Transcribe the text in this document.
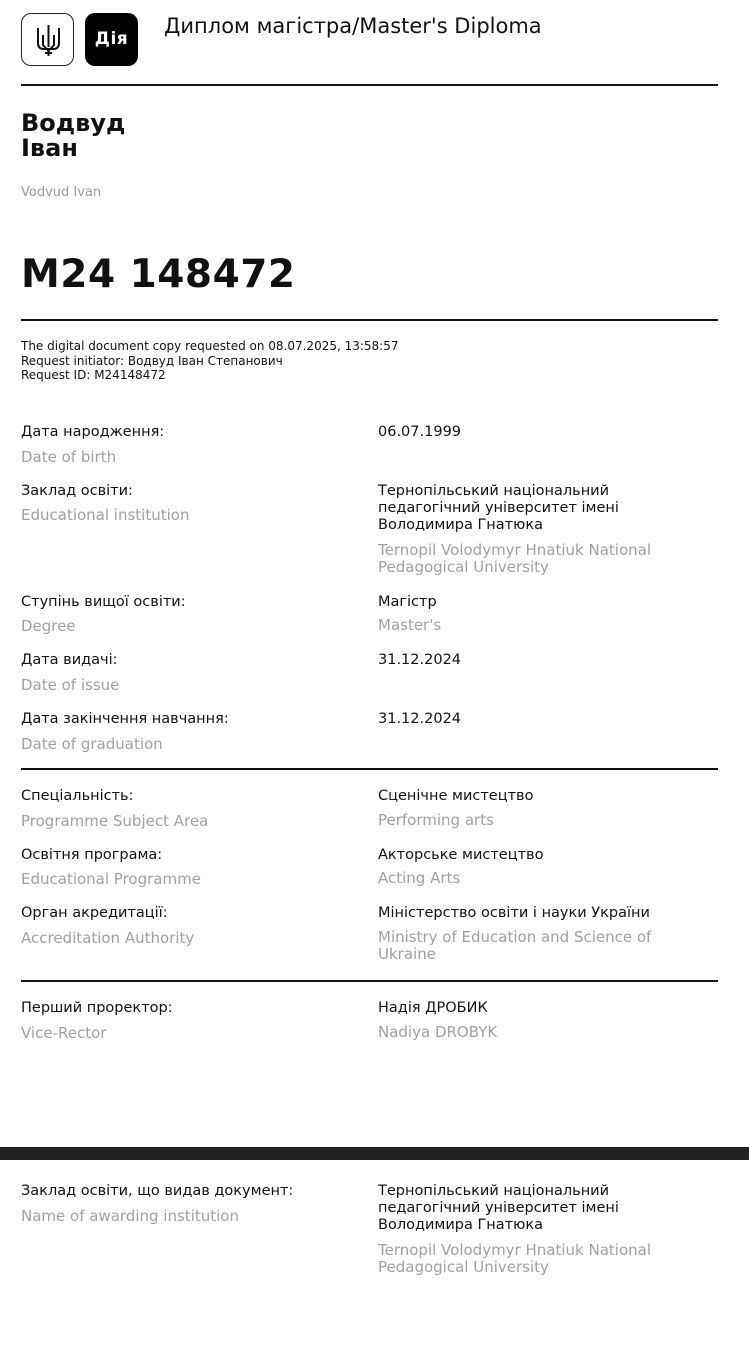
Дія
Диплом магістра/Master's Diploma
Водвуд
Іван
Vodvud Ivan
M24 148472
The digital document copy requested on 08.07.2025, 13:58:57
Request initiator: Водвуд Іван Степанович
Request ID: M24148472
Дата народження:
Date of birth
06.07.1999
Заклад освіти:
Educational institution
Тернопільський національний педагогічний університет імені Володимира Гнатюка
Ternopil Volodymyr Hnatiuk National Pedagogical University
Ступінь вищої освіти:
Degree
Магістр
Master's
Дата видачі:
Date of issue
31.12.2024
Дата закінчення навчання:
Date of graduation
31.12.2024
Спеціальність:
Programme Subject Area
Сценічне мистецтво
Performing arts
Освітня програма:
Educational Programme
Акторське мистецтво
Acting Arts
Орган акредитації:
Accreditation Authority
Міністерство освіти і науки України
Ministry of Education and Science of Ukraine
Перший проректор:
Vice-Rector
Надія ДРОБИК
Nadiya DROBYK
Заклад освіти, що видав документ:
Name of awarding institution
Тернопільський національний педагогічний університет імені Володимира Гнатюка
Ternopil Volodymyr Hnatiuk National Pedagogical University
